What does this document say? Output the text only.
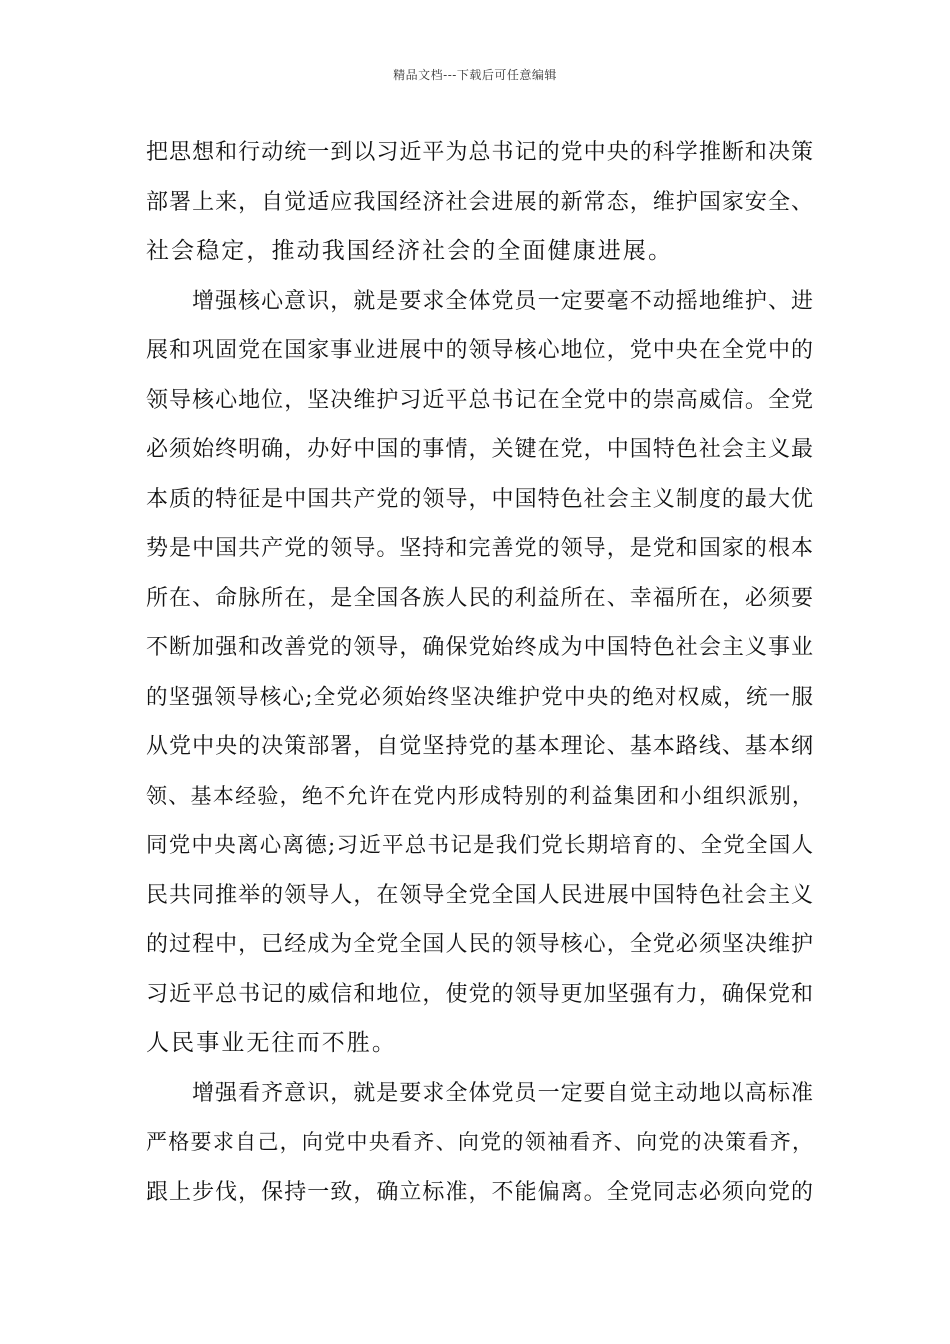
精品文档---下载后可任意编辑

把思想和行动统一到以习近平为总书记的党中央的科学推断和决策
部署上来，自觉适应我国经济社会进展的新常态，维护国家安全、
社会稳定，推动我国经济社会的全面健康进展。

增强核心意识，就是要求全体党员一定要毫不动摇地维护、进
展和巩固党在国家事业进展中的领导核心地位，党中央在全党中的
领导核心地位，坚决维护习近平总书记在全党中的崇高威信。全党
必须始终明确，办好中国的事情，关键在党，中国特色社会主义最
本质的特征是中国共产党的领导，中国特色社会主义制度的最大优
势是中国共产党的领导。坚持和完善党的领导，是党和国家的根本
所在、命脉所在，是全国各族人民的利益所在、幸福所在，必须要
不断加强和改善党的领导，确保党始终成为中国特色社会主义事业
的坚强领导核心;全党必须始终坚决维护党中央的绝对权威，统一服
从党中央的决策部署，自觉坚持党的基本理论、基本路线、基本纲
领、基本经验，绝不允许在党内形成特别的利益集团和小组织派别，
同党中央离心离德;习近平总书记是我们党长期培育的、全党全国人
民共同推举的领导人，在领导全党全国人民进展中国特色社会主义
的过程中，已经成为全党全国人民的领导核心，全党必须坚决维护
习近平总书记的威信和地位，使党的领导更加坚强有力，确保党和
人民事业无往而不胜。

增强看齐意识，就是要求全体党员一定要自觉主动地以高标准
严格要求自己，向党中央看齐、向党的领袖看齐、向党的决策看齐，
跟上步伐，保持一致，确立标准，不能偏离。全党同志必须向党的
